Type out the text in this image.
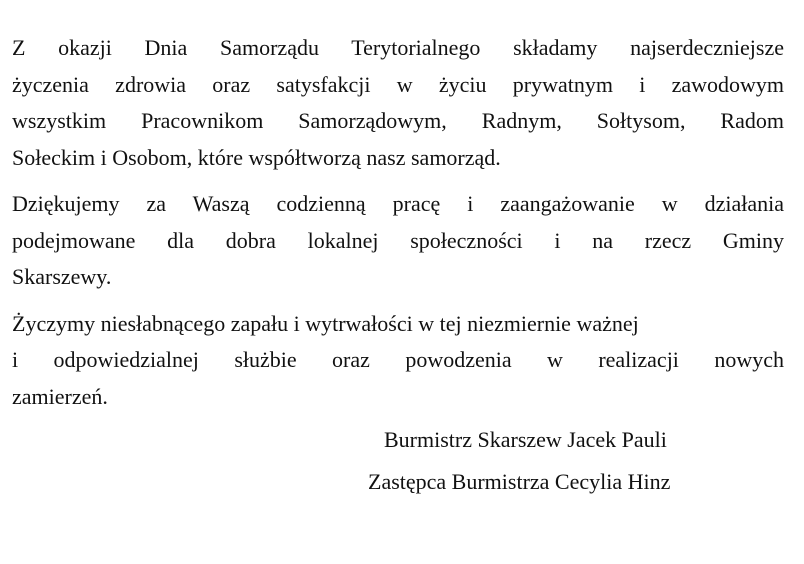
Z okazji Dnia Samorządu Terytorialnego składamy najserdeczniejsze
życzenia zdrowia oraz satysfakcji w życiu prywatnym i zawodowym
wszystkim Pracownikom Samorządowym, Radnym, Sołtysom, Radom
Sołeckim i Osobom, które współtworzą nasz samorząd.

Dziękujemy za Waszą codzienną pracę i zaangażowanie w działania
podejmowane dla dobra lokalnej społeczności i na rzecz Gminy
Skarszewy.

Życzymy niesłabnącego zapału i wytrwałości w tej niezmiernie ważnej
i odpowiedzialnej służbie oraz powodzenia w realizacji nowych
zamierzeń.

Burmistrz Skarszew Jacek Pauli
Zastępca Burmistrza Cecylia Hinz
